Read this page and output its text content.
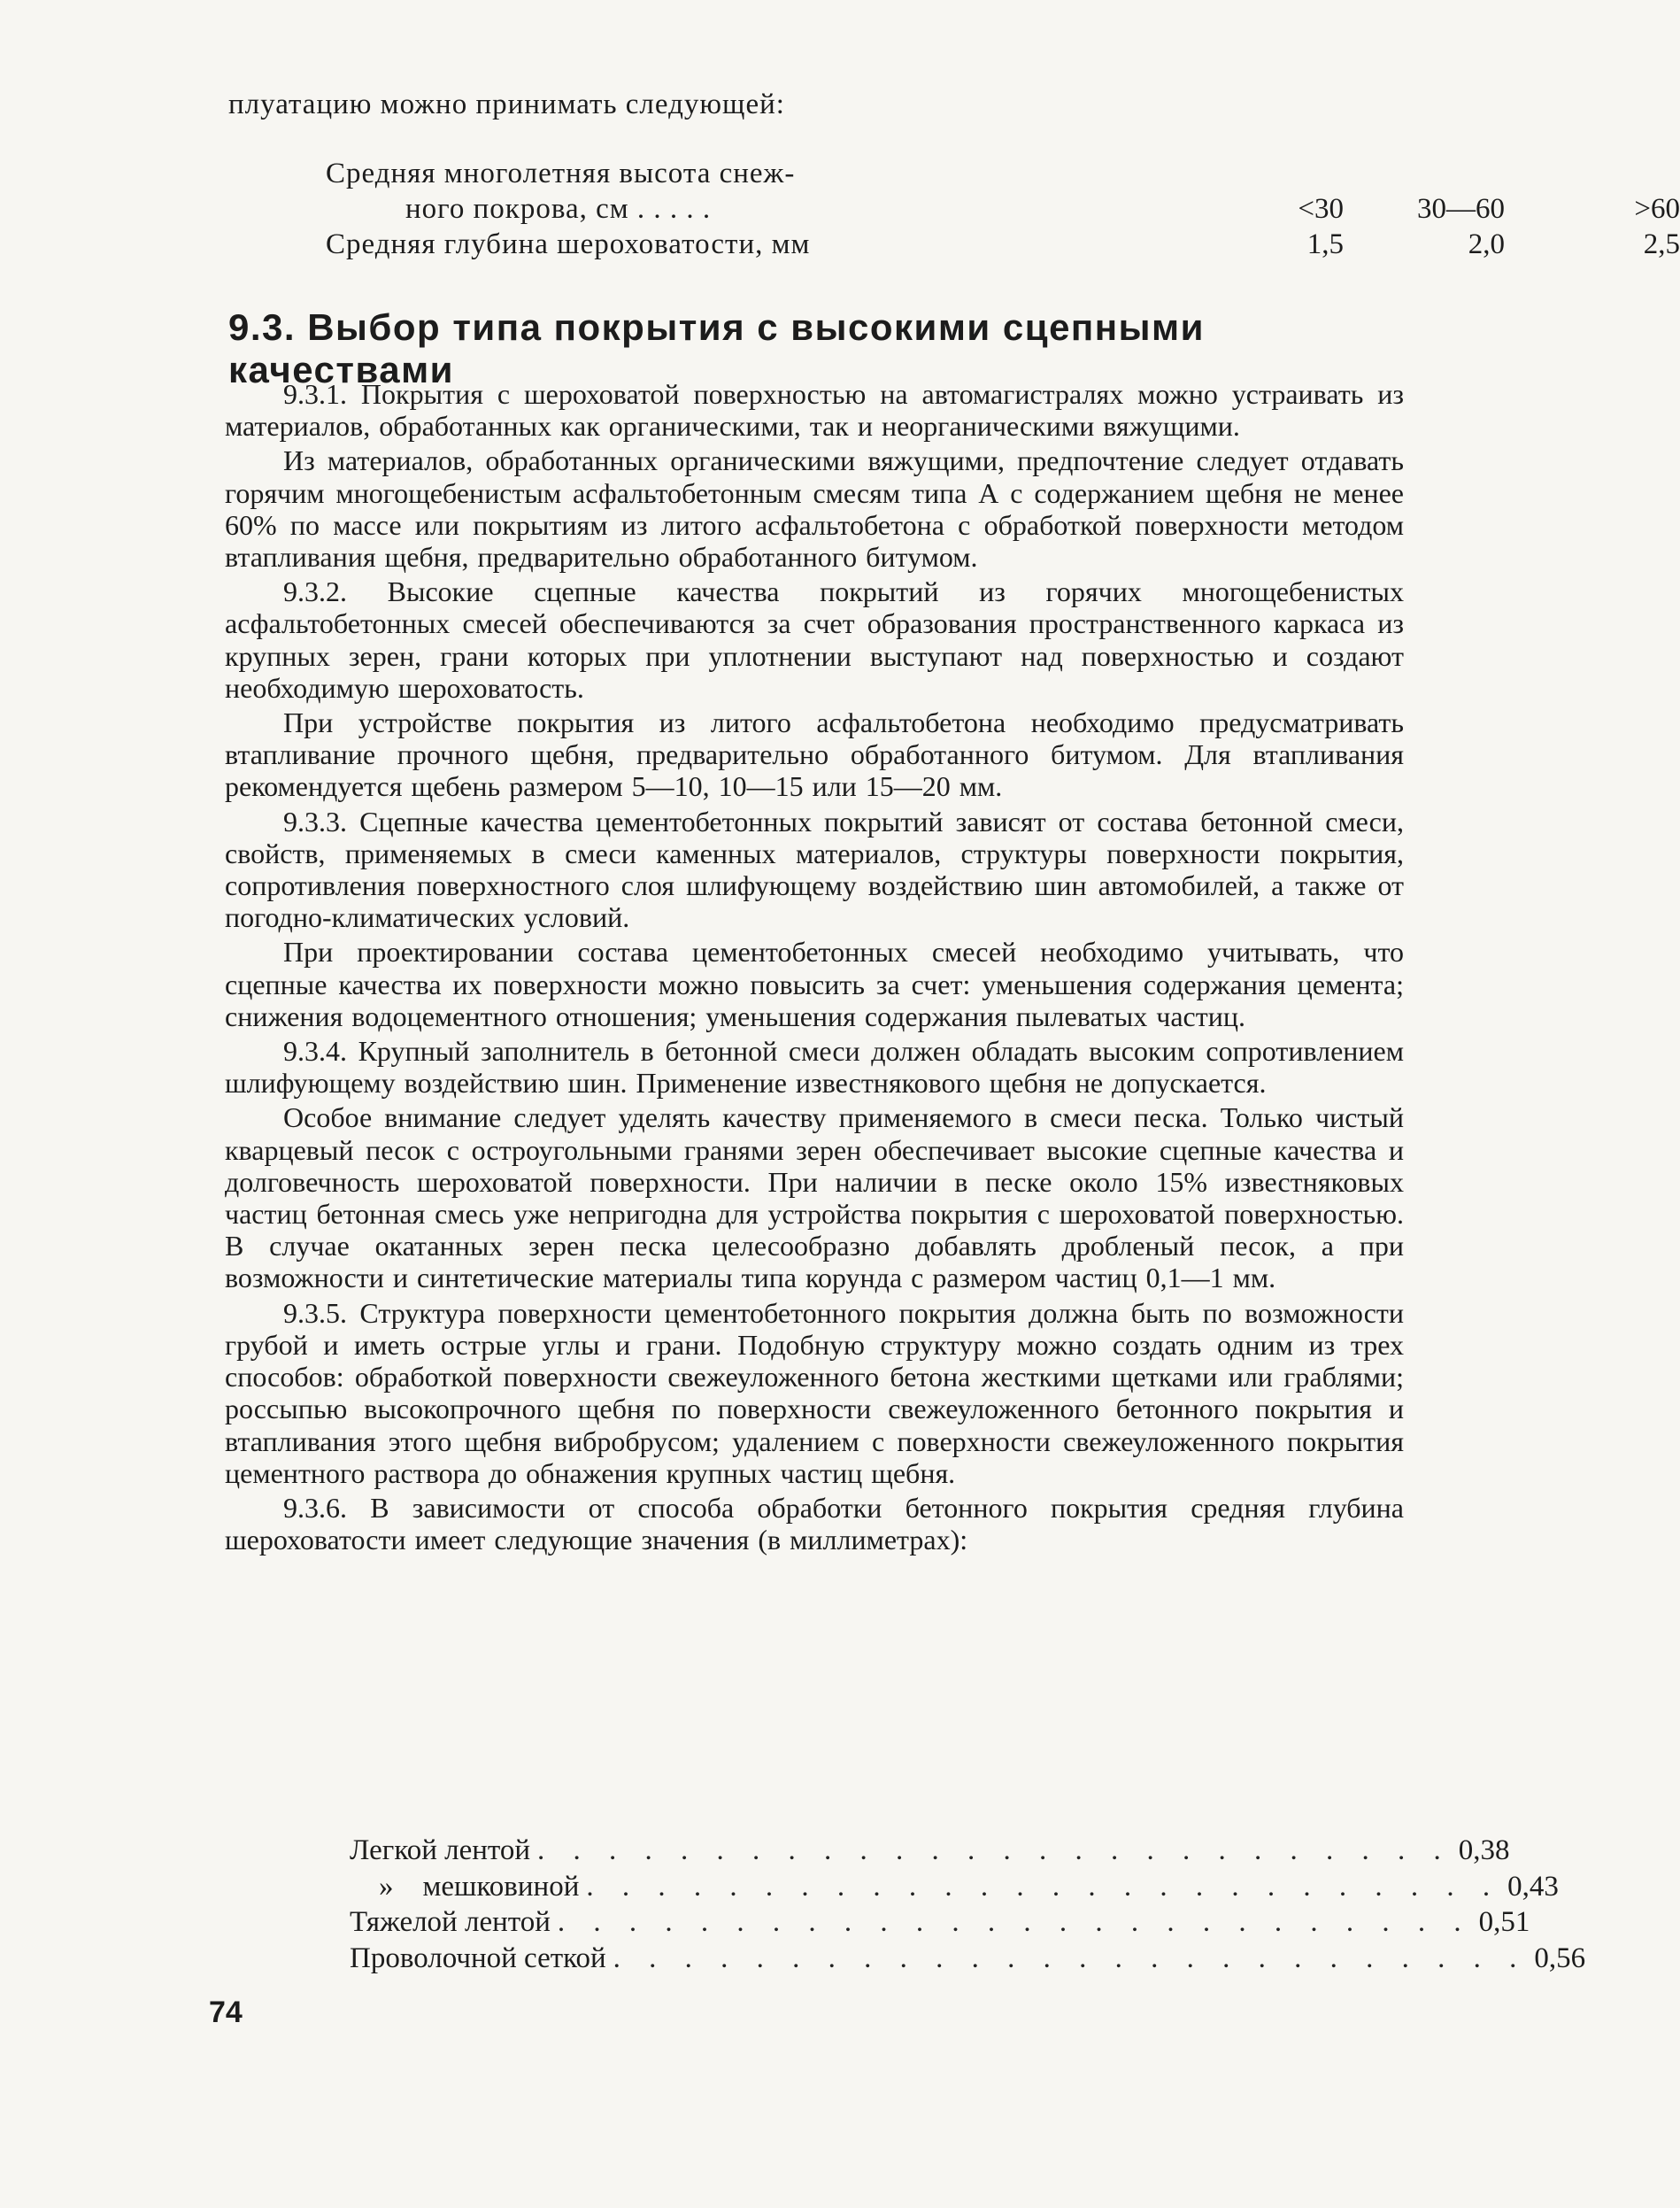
плуатацию можно принимать следующей:
Средняя многолетняя высота снеж-
ного покрова, см . . . . .	<30	30—60	>60
Средняя глубина шероховатости, мм	1,5	2,0	2,5
9.3. Выбор типа покрытия с высокими сцепными качествами

9.3.1. Покрытия с шероховатой поверхностью на автомагистралях можно устраивать из материалов, обработанных как органическими, так и неорганическими вяжущими.

Из материалов, обработанных органическими вяжущими, предпочтение следует отдавать горячим многощебенистым асфальтобетонным смесям типа А с содержанием щебня не менее 60% по массе или покрытиям из литого асфальтобетона с обработкой поверхности методом втапливания щебня, предварительно обработанного битумом.

9.3.2. Высокие сцепные качества покрытий из горячих многощебенистых асфальтобетонных смесей обеспечиваются за счет образования пространственного каркаса из крупных зерен, грани которых при уплотнении выступают над поверхностью и создают необходимую шероховатость.

При устройстве покрытия из литого асфальтобетона необходимо предусматривать втапливание прочного щебня, предварительно обработанного битумом. Для втапливания рекомендуется щебень размером 5—10, 10—15 или 15—20 мм.

9.3.3. Сцепные качества цементобетонных покрытий зависят от состава бетонной смеси, свойств, применяемых в смеси каменных материалов, структуры поверхности покрытия, сопротивления поверхностного слоя шлифующему воздействию шин автомобилей, а также от погодно-климатических условий.

При проектировании состава цементобетонных смесей необходимо учитывать, что сцепные качества их поверхности можно повысить за счет: уменьшения содержания цемента; снижения водоцементного отношения; уменьшения содержания пылеватых частиц.

9.3.4. Крупный заполнитель в бетонной смеси должен обладать высоким сопротивлением шлифующему воздействию шин. Применение известнякового щебня не допускается.

Особое внимание следует уделять качеству применяемого в смеси песка. Только чистый кварцевый песок с остроугольными гранями зерен обеспечивает высокие сцепные качества и долговечность шероховатой поверхности. При наличии в песке около 15% известняковых частиц бетонная смесь уже непригодна для устройства покрытия с шероховатой поверхностью. В случае окатанных зерен песка целесообразно добавлять дробленый песок, а при возможности и синтетические материалы типа корунда с размером частиц 0,1—1 мм.

9.3.5. Структура поверхности цементобетонного покрытия должна быть по возможности грубой и иметь острые углы и грани. Подобную структуру можно создать одним из трех способов: обработкой поверхности свежеуложенного бетона жесткими щетками или граблями; россыпью высокопрочного щебня по поверхности свежеуложенного бетонного покрытия и втапливания этого щебня вибробрусом; удалением с поверхности свежеуложенного покрытия цементного раствора до обнажения крупных частиц щебня.

9.3.6. В зависимости от способа обработки бетонного покрытия средняя глубина шероховатости имеет следующие значения (в миллиметрах):

Легкой лентой . . . . . . . . . . . . . . . . . . . . . . . . . . 0,38
»    мешковиной . . . . . . . . . . . . . . . . . . . . . . . . . . 0,43
Тяжелой лентой . . . . . . . . . . . . . . . . . . . . . . . . . . 0,51
Проволочной сеткой . . . . . . . . . . . . . . . . . . . . . . . . . . 0,56
74
